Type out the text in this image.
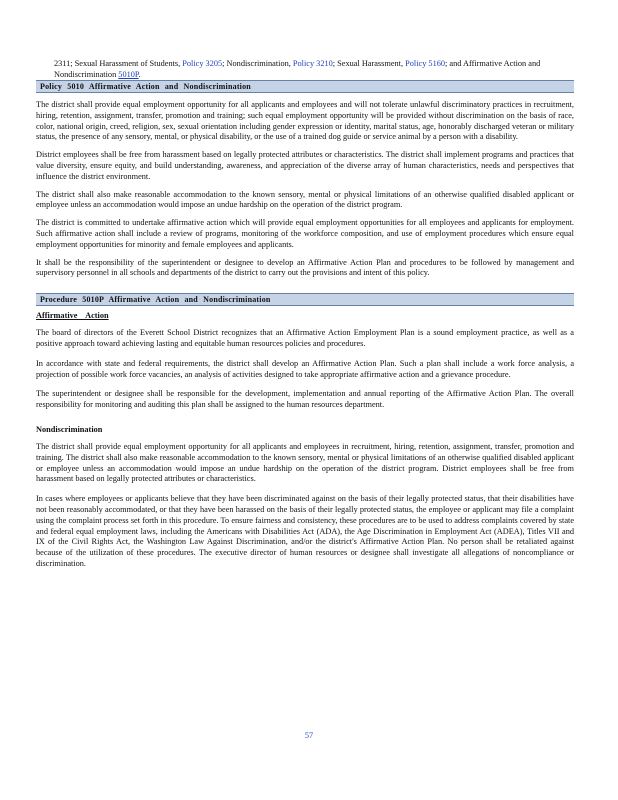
2311; Sexual Harassment of Students, Policy 3205; Nondiscrimination, Policy 3210; Sexual Harassment, Policy 5160; and Affirmative Action and Nondiscrimination 5010P.
Policy 5010 Affirmative Action and Nondiscrimination

The district shall provide equal employment opportunity for all applicants and employees and will not tolerate unlawful discriminatory practices in recruitment, hiring, retention, assignment, transfer, promotion and training; such equal employment opportunity will be provided without discrimination on the basis of race, color, national origin, creed, religion, sex, sexual orientation including gender expression or identity, marital status, age, honorably discharged veteran or military status, the presence of any sensory, mental, or physical disability, or the use of a trained dog guide or service animal by a person with a disability.

District employees shall be free from harassment based on legally protected attributes or characteristics. The district shall implement programs and practices that value diversity, ensure equity, and build understanding, awareness, and appreciation of the diverse array of human characteristics, needs and perspectives that influence the district environment.

The district shall also make reasonable accommodation to the known sensory, mental or physical limitations of an otherwise qualified disabled applicant or employee unless an accommodation would impose an undue hardship on the operation of the district program.

The district is committed to undertake affirmative action which will provide equal employment opportunities for all employees and applicants for employment. Such affirmative action shall include a review of programs, monitoring of the workforce composition, and use of employment procedures which ensure equal employment opportunities for minority and female employees and applicants.

It shall be the responsibility of the superintendent or designee to develop an Affirmative Action Plan and procedures to be followed by management and supervisory personnel in all schools and departments of the district to carry out the provisions and intent of this policy.

Procedure 5010P Affirmative Action and Nondiscrimination
Affirmative Action

The board of directors of the Everett School District recognizes that an Affirmative Action Employment Plan is a sound employment practice, as well as a positive approach toward achieving lasting and equitable human resources policies and procedures.

In accordance with state and federal requirements, the district shall develop an Affirmative Action Plan. Such a plan shall include a work force analysis, a projection of possible work force vacancies, an analysis of activities designed to take appropriate affirmative action and a grievance procedure.

The superintendent or designee shall be responsible for the development, implementation and annual reporting of the Affirmative Action Plan. The overall responsibility for monitoring and auditing this plan shall be assigned to the human resources department.

Nondiscrimination

The district shall provide equal employment opportunity for all applicants and employees in recruitment, hiring, retention, assignment, transfer, promotion and training. The district shall also make reasonable accommodation to the known sensory, mental or physical limitations of an otherwise qualified disabled applicant or employee unless an accommodation would impose an undue hardship on the operation of the district program. District employees shall be free from harassment based on legally protected attributes or characteristics.

In cases where employees or applicants believe that they have been discriminated against on the basis of their legally protected status, that their disabilities have not been reasonably accommodated, or that they have been harassed on the basis of their legally protected status, the employee or applicant may file a complaint using the complaint process set forth in this procedure. To ensure fairness and consistency, these procedures are to be used to address complaints covered by state and federal equal employment laws, including the Americans with Disabilities Act (ADA), the Age Discrimination in Employment Act (ADEA), Titles VII and IX of the Civil Rights Act, the Washington Law Against Discrimination, and/or the district's Affirmative Action Plan. No person shall be retaliated against because of the utilization of these procedures. The executive director of human resources or designee shall investigate all allegations of noncompliance or discrimination.

57
